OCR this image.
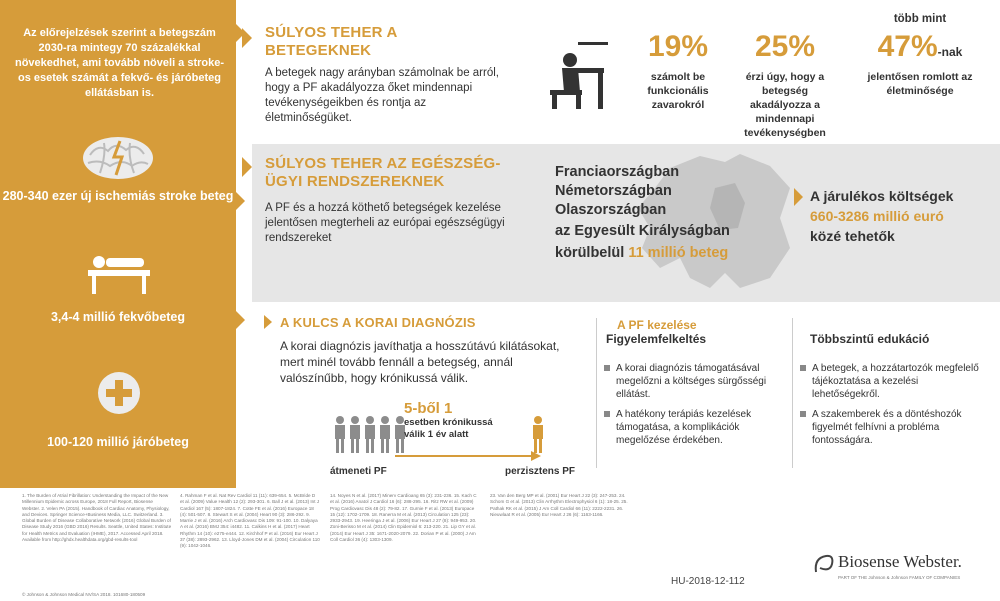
Az előrejelzések szerint a betegszám 2030-ra mintegy 70 százalékkal növekedhet, ami tovább növeli a stroke-os esetek számát a fekvő- és járóbeteg ellátásban is.
280-340 ezer új ischemiás stroke beteg
3,4-4 millió fekvőbeteg
100-120 millió járóbeteg
SÚLYOS TEHER A BETEGEKNEK
A betegek nagy arányban számolnak be arról, hogy a PF akadályozza őket mindennapi tevékenységeikben és rontja az életminőségüket.
19%
számolt be funkcionális zavarokról
25%
érzi úgy, hogy a betegség akadályozza a mindennapi tevékenységben
több mint
47%-nak
jelentősen romlott az életminősége
SÚLYOS TEHER AZ EGÉSZSÉG-ÜGYI RENDSZEREKNEK
A PF és a hozzá köthető betegségek kezelése jelentősen megterheli az európai egészségügyi rendszereket
Franciaországban
Németországban
Olaszországban
az Egyesült Királyságban
körülbelül 11 millió beteg
A járulékos költségek
660-3286 millió euró
közé tehetők
A KULCS A KORAI DIAGNÓZIS
A korai diagnózis javíthatja a hosszútávú kilátásokat, mert minél tovább fennáll a betegség, annál valószínűbb, hogy krónikussá válik.
5-ből 1
esetben krónikussá válik 1 év alatt
átmeneti PF	perzisztens PF
A PF kezelése
Figyelemfelkeltés
A korai diagnózis támogatásával megelőzni a költséges sürgősségi ellátást.
A hatékony terápiás kezelések támogatása, a komplikációk megelőzése érdekében.
Többszintű edukáció
A betegek, a hozzátartozók megfelelő tájékoztatása a kezelési lehetőségekről.
A szakemberek és a döntéshozók figyelmét felhívni a probléma fontosságára.
1. The Burden of Atrial Fibrillation: Understanding the Impact of the New Millennium Epidemic across Europe, 2018 Full Report, Biosense Webster. 2. Velen PA (2015). Handbook of Cardiac Anatomy, Physiology, and Devices. Springer Science+Business Media, LLC. Switzerland. 3. Global Burden of Disease Collaborative Network (2016) Global Burden of Disease Study 2016 (GBD 2016) Results. Seattle, United States: Institute for Health Metrics and Evaluation (IHME), 2017. Accessed April 2018. Available from http://ghdx.healthdata.org/gbd-results-tool
4. Rahman F et al. Nat Rev Cardiol 11 (11): 639-654. 5. McBride D et al. (2009) Value Health 12 (2): 293-301. 6. Ball J et al. (2013) Int J Cardiol 167 (5): 1807-1824. 7. Cotte FE et al. (2016) Europace 18 (4): 501-507. 8. Stewart S et al. (2004) Heart 90 (3): 286-292. 9. Marrie J et al. (2016) Arch Cardiovasc Dis 109: 91-100. 10. Dalyaya A et al. (2016) BMJ 354: i4482. 11. Calkins H et al. (2017) Heart Rhythm 14 (10): e275-e444. 12. Kirchhof P et al. (2016) Eur Heart J 37 (38): 2893-2962. 13. Lloyd-Jones DM et al. (2004) Circulation 110 (9): 1042-1046.
14. Noyes N et al. (2017) Minerv Cardioang 65 (3): 231-236. 15. Kach C et al. (2016) Anatol J Cardiol 16 (6): 288-295. 16. Ritz RW et al. (2009) Prog Cardiovasc Dis 48 (2): 79-82. 17. Gurnie F et al. (2013) Europace 15 (12): 1702-1709. 18. Ranerra M et al. (2013) Circulation 125 (23): 2933-2943. 19. Heeringa J et al. (2006) Eur Heart J 27 (8): 949-953. 20. Zoni-Berisso M et al. (2014) Clin Epidemiol 6: 213-220. 21. Lip GY et al. (2014) Eur Heart J 35: 1671-2020-2079. 22. Dorian P et al. (2000) J Am Coll Cardiol 36 (4): 1303-1309.
23. Van den Berg MP et al. (2001) Eur Heart J 22 (3): 247-253. 24. Schom G et al. (2013) Clin Arrhythm Electrophysiol 6 (1): 18-25. 25. Pathak RK et al. (2015) J Am Coll Cardiol 66 (11): 2222-2231. 26. Nieuwlaat R et al. (2005) Eur Heart J 26 (6): 1163-1166.
© Johnson & Johnson Medical NV/SA 2018. 101680-180509
HU-2018-12-112
Biosense Webster.
PART OF THE Johnson & Johnson FAMILY OF COMPANIES
